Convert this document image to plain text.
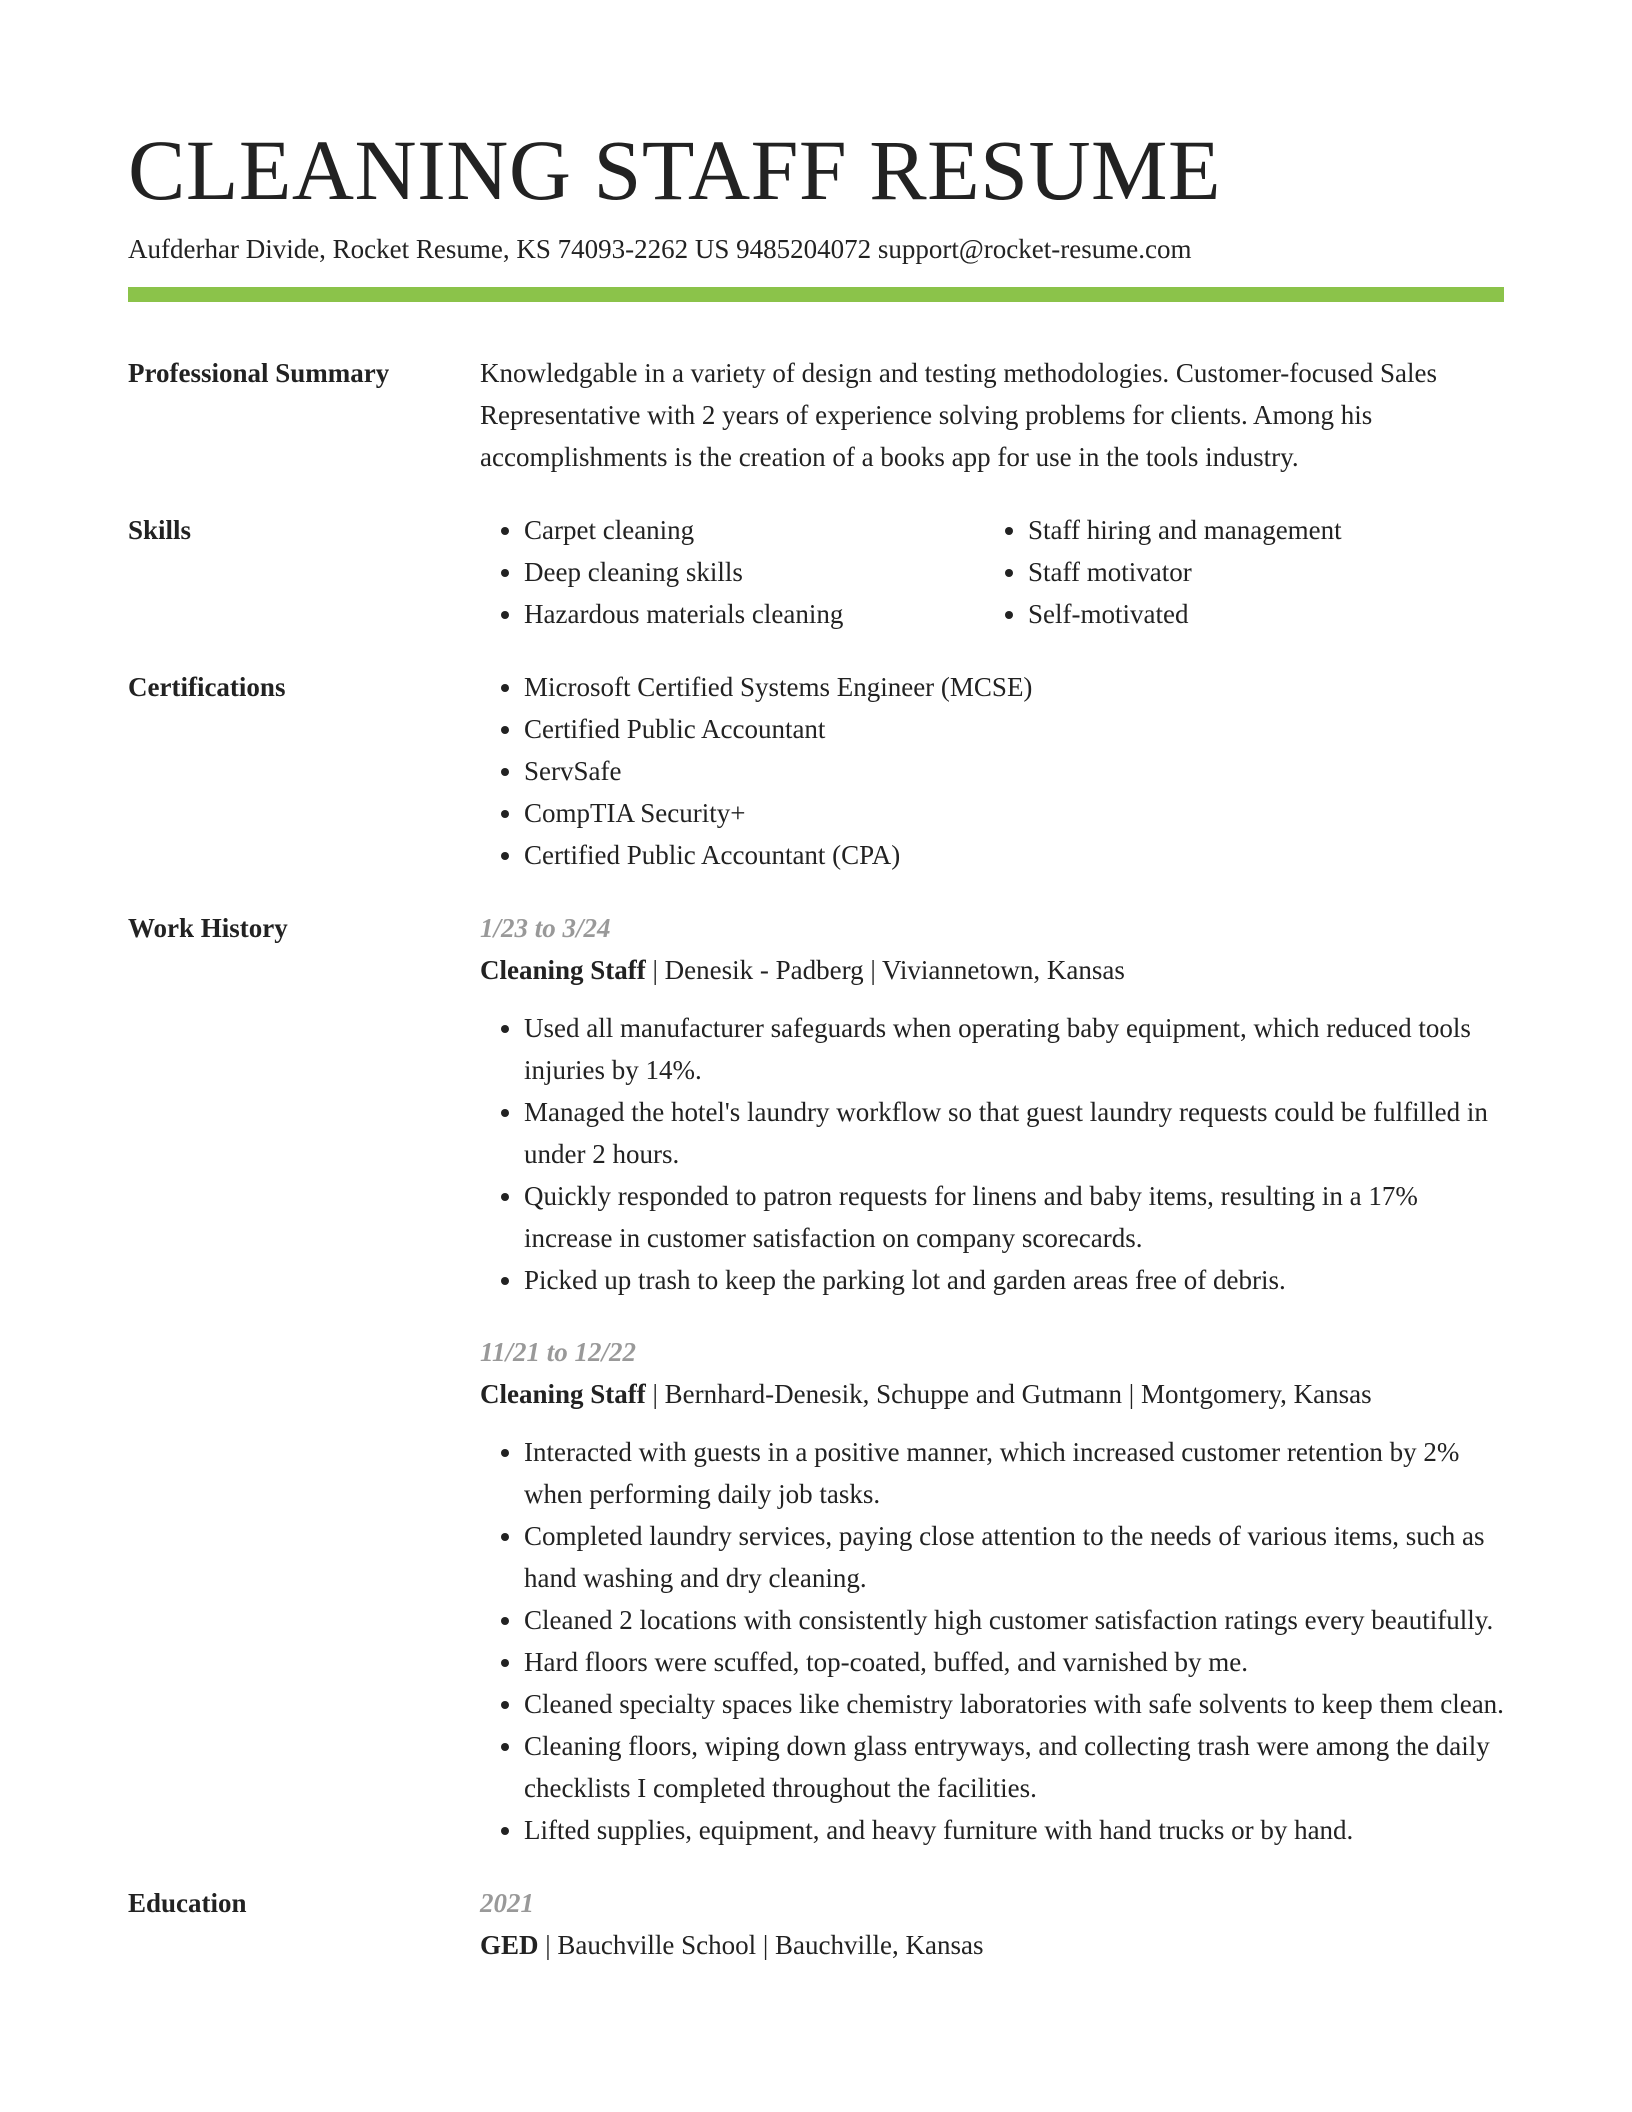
CLEANING STAFF RESUME
Aufderhar Divide, Rocket Resume, KS 74093-2262 US 9485204072 support@rocket-resume.com
Professional Summary	Knowledgable in a variety of design and testing methodologies. Customer-focused Sales Representative with 2 years of experience solving problems for clients. Among his accomplishments is the creation of a books app for use in the tools industry.

Skills	• Carpet cleaning
• Deep cleaning skills
• Hazardous materials cleaning
• Staff hiring and management
• Staff motivator
• Self-motivated
Certifications	• Microsoft Certified Systems Engineer (MCSE)
• Certified Public Accountant
• ServSafe
• CompTIA Security+
• Certified Public Accountant (CPA)
Work History	1/23 to 3/24
Cleaning Staff | Denesik - Padberg | Viviannetown, Kansas
• Used all manufacturer safeguards when operating baby equipment, which reduced tools injuries by 14%.
• Managed the hotel's laundry workflow so that guest laundry requests could be fulfilled in under 2 hours.
• Quickly responded to patron requests for linens and baby items, resulting in a 17% increase in customer satisfaction on company scorecards.
• Picked up trash to keep the parking lot and garden areas free of debris.
11/21 to 12/22
Cleaning Staff | Bernhard-Denesik, Schuppe and Gutmann | Montgomery, Kansas
• Interacted with guests in a positive manner, which increased customer retention by 2% when performing daily job tasks.
• Completed laundry services, paying close attention to the needs of various items, such as hand washing and dry cleaning.
• Cleaned 2 locations with consistently high customer satisfaction ratings every beautifully.
• Hard floors were scuffed, top-coated, buffed, and varnished by me.
• Cleaned specialty spaces like chemistry laboratories with safe solvents to keep them clean.
• Cleaning floors, wiping down glass entryways, and collecting trash were among the daily checklists I completed throughout the facilities.
• Lifted supplies, equipment, and heavy furniture with hand trucks or by hand.
Education	2021
GED | Bauchville School | Bauchville, Kansas
